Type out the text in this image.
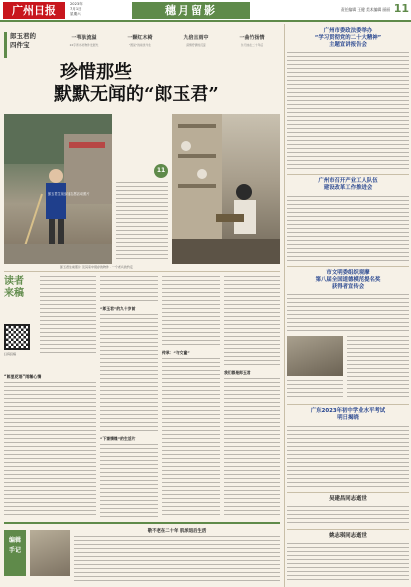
广州日报	2023年
7月1日
星期六	穗月留影	责任编辑 王健 美术编辑 丽丽 11
郎玉君的
四件宝
一苇驮流溢
24字背书老物件发展光
一颗红木椅
“图说”的前世今生
九倍且雨中
深情抒情的沉淀
一曲竹扬情
乐天地在二十年后
珍惜那些
默默无闻的“郎玉君”
郎玉君生前参加志愿活动照片
11
郎玉君生前照片 及其家中现存的物件 · 一个老兵的约定
读者
来稿
扫码投稿
“郎里花语”雨稀心情
“郎玉君”的九十岁前
“下课情缘”的生活片
传承：“与女童”
我们都是郎玉君
编辑
手记
敬不老在二十年 肌浓退后生活
广州市委政法委举办
“学习贯彻党的二十大精神”
主题宣讲报告会
广州市召开产业工人队伍
建设改革工作推进会
市文明委组织观摩
第八届全国道德模范提名奖
获得者宣传会
广东2023年初中学业水平考试
明日揭晓
吴建昌同志逝世
姚志琪同志逝世
